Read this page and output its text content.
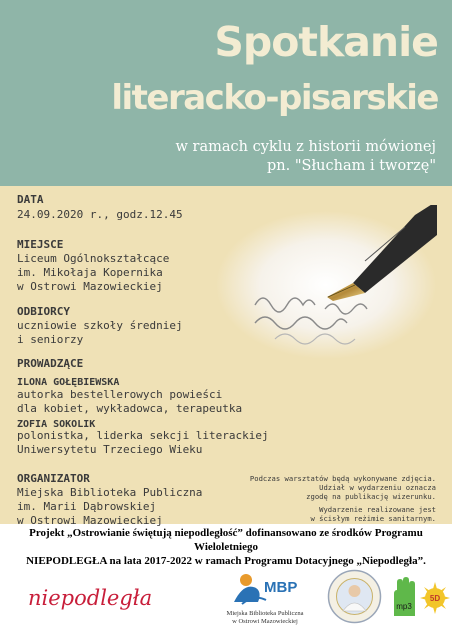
Spotkanie
literacko-pisarskie
w ramach cyklu z historii mówionej
pn. "Słucham i tworzę"
DATA
24.09.2020 r., godz.12.45
MIEJSCE
Liceum Ogólnokształcące
im. Mikołaja Kopernika
w Ostrowi Mazowieckiej
ODBIORCY
uczniowie szkoły średniej
i seniorzy
PROWADZĄCE
ILONA GOŁĘBIEWSKA
autorka bestellerowych powieści
dla kobiet, wykładowca, terapeutka
ZOFIA SOKOLIK
polonistka, liderka sekcji literackiej
Uniwersytetu Trzeciego Wieku
ORGANIZATOR
Miejska Biblioteka Publiczna
im. Marii Dąbrowskiej
w Ostrowi Mazowieckiej
Podczas warsztatów będą wykonywane zdjęcia.
Udział w wydarzeniu oznacza
zgodę na publikację wizerunku.
Wydarzenie realizowane jest
w ścisłym reżimie sanitarnym.
Projekt „Ostrowianie świętują niepodległość” dofinansowano ze środków Programu Wieloletniego
NIEPODLEGŁA na lata 2017-2022 w ramach Programu Dotacyjnego „Niepodległa”.
niepodległa	MBP
Miejska Biblioteka Publiczna
w Ostrowi Mazowieckiej
mp3
5D
